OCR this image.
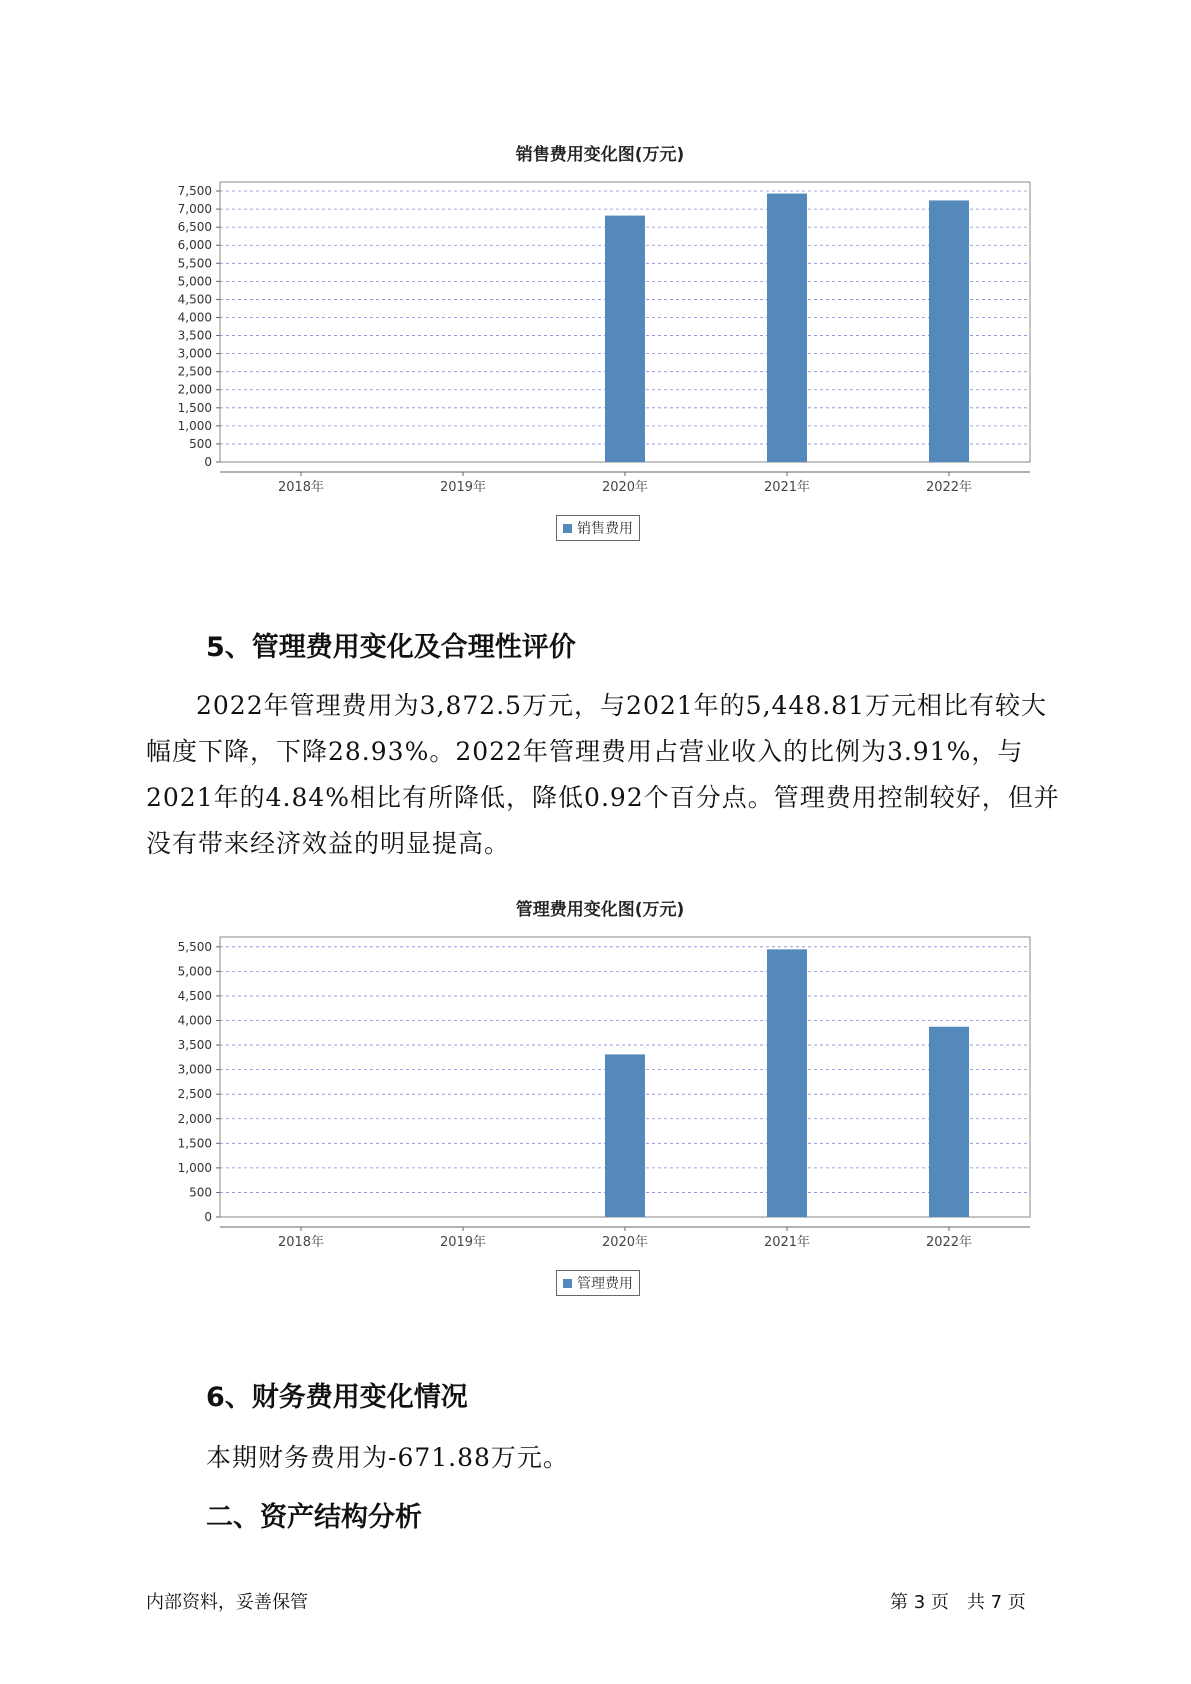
销售费用变化图(万元)
0
500
1,000
1,500
2,000
2,500
3,000
3,500
4,000
4,500
5,000
5,500
6,000
6,500
7,000
7,500
2018年	2019年	2020年	2021年	2022年
销售费用
5、管理费用变化及合理性评价

2022年管理费用为3,872.5万元，与2021年的5,448.81万元相比有较大幅度下降，下降28.93%。2022年管理费用占营业收入的比例为3.91%，与2021年的4.84%相比有所降低，降低0.92个百分点。管理费用控制较好，但并没有带来经济效益的明显提高。

管理费用变化图(万元)
0
500
1,000
1,500
2,000
2,500
3,000
3,500
4,000
4,500
5,000
5,500
2018年	2019年	2020年	2021年	2022年
管理费用
6、财务费用变化情况

本期财务费用为-671.88万元。

二、资产结构分析
内部资料，妥善保管	第 3 页　共 7 页
